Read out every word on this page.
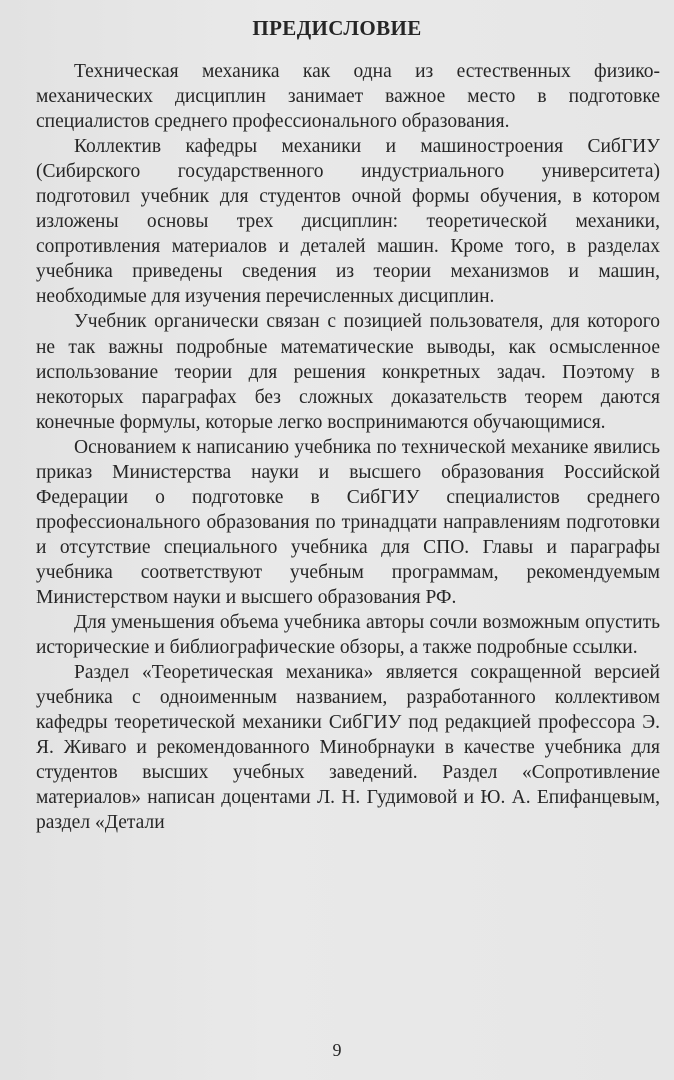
ПРЕДИСЛОВИЕ

Техническая механика как одна из естественных физико-механических дисциплин занимает важное место в подготовке специалистов среднего профессионального образования.

Коллектив кафедры механики и машиностроения СибГИУ (Сибирского государственного индустриального университета) подготовил учебник для студентов очной формы обучения, в котором изложены основы трех дисциплин: теоретической механики, сопротивления материалов и деталей машин. Кроме того, в разделах учебника приведены сведения из теории механизмов и машин, необходимые для изучения перечисленных дисциплин.

Учебник органически связан с позицией пользователя, для которого не так важны подробные математические выводы, как осмысленное использование теории для решения конкретных задач. Поэтому в некоторых параграфах без сложных доказательств теорем даются конечные формулы, которые легко воспринимаются обучающимися.

Основанием к написанию учебника по технической механике явились приказ Министерства науки и высшего образования Российской Федерации о подготовке в СибГИУ специалистов среднего профессионального образования по тринадцати направлениям подготовки и отсутствие специального учебника для СПО. Главы и параграфы учебника соответствуют учебным программам, рекомендуемым Министерством науки и высшего образования РФ.

Для уменьшения объема учебника авторы сочли возможным опустить исторические и библиографические обзоры, а также подробные ссылки.

Раздел «Теоретическая механика» является сокращенной версией учебника с одноименным названием, разработанного коллективом кафедры теоретической механики СибГИУ под редакцией профессора Э. Я. Живаго и рекомендованного Минобрнауки в качестве учебника для студентов высших учебных заведений. Раздел «Сопротивление материалов» написан доцентами Л. Н. Гудимовой и Ю. А. Епифанцевым, раздел «Детали

9
